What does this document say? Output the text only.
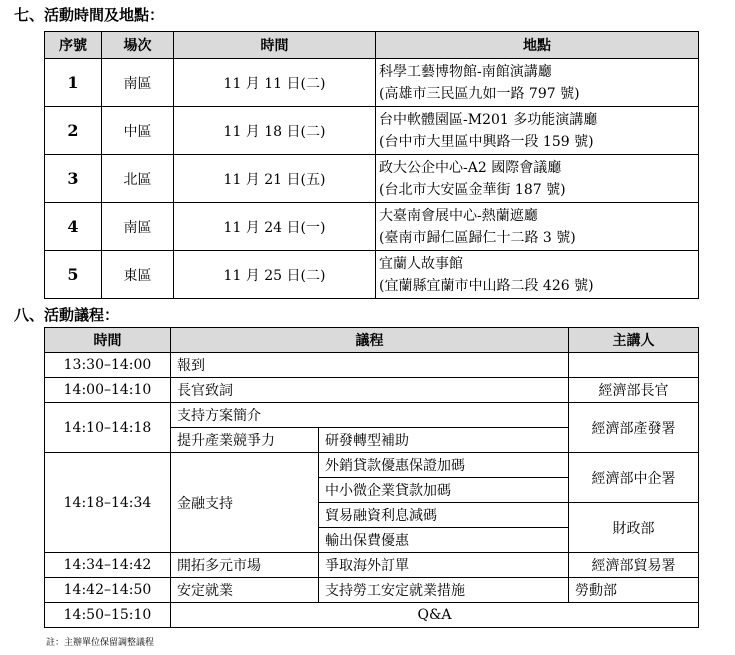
七、活動時間及地點：
序號	場次	時間	地點
1	南區	11 月 11 日(二)	科學工藝博物館-南館演講廳
(高雄市三民區九如一路 797 號)

2	中區	11 月 18 日(二)	台中軟體園區-M201 多功能演講廳
(台中市大里區中興路一段 159 號)

3	北區	11 月 21 日(五)	政大公企中心-A2 國際會議廳
(台北市大安區金華街 187 號)

4	南區	11 月 24 日(一)	大臺南會展中心-熱蘭遮廳
(臺南市歸仁區歸仁十二路 3 號)

5	東區	11 月 25 日(二)	宜蘭人故事館
(宜蘭縣宜蘭市中山路二段 426 號)
八、活動議程：
時間	議程		主講人
13:30–14:00	報到		
14:00–14:10	長官致詞		經濟部長官
14:10–14:18	支持方案簡介		經濟部產發署
	提升產業競爭力	研發轉型補助	
14:18–14:34	金融支持	外銷貸款優惠保證加碼	經濟部中企署
		中小微企業貸款加碼	
		貿易融資利息減碼	財政部
		輸出保費優惠	
14:34–14:42	開拓多元市場	爭取海外訂單	經濟部貿易署
14:42–14:50	安定就業	支持勞工安定就業措施	勞動部
14:50–15:10	Q&A		
註：主辦單位保留調整議程
